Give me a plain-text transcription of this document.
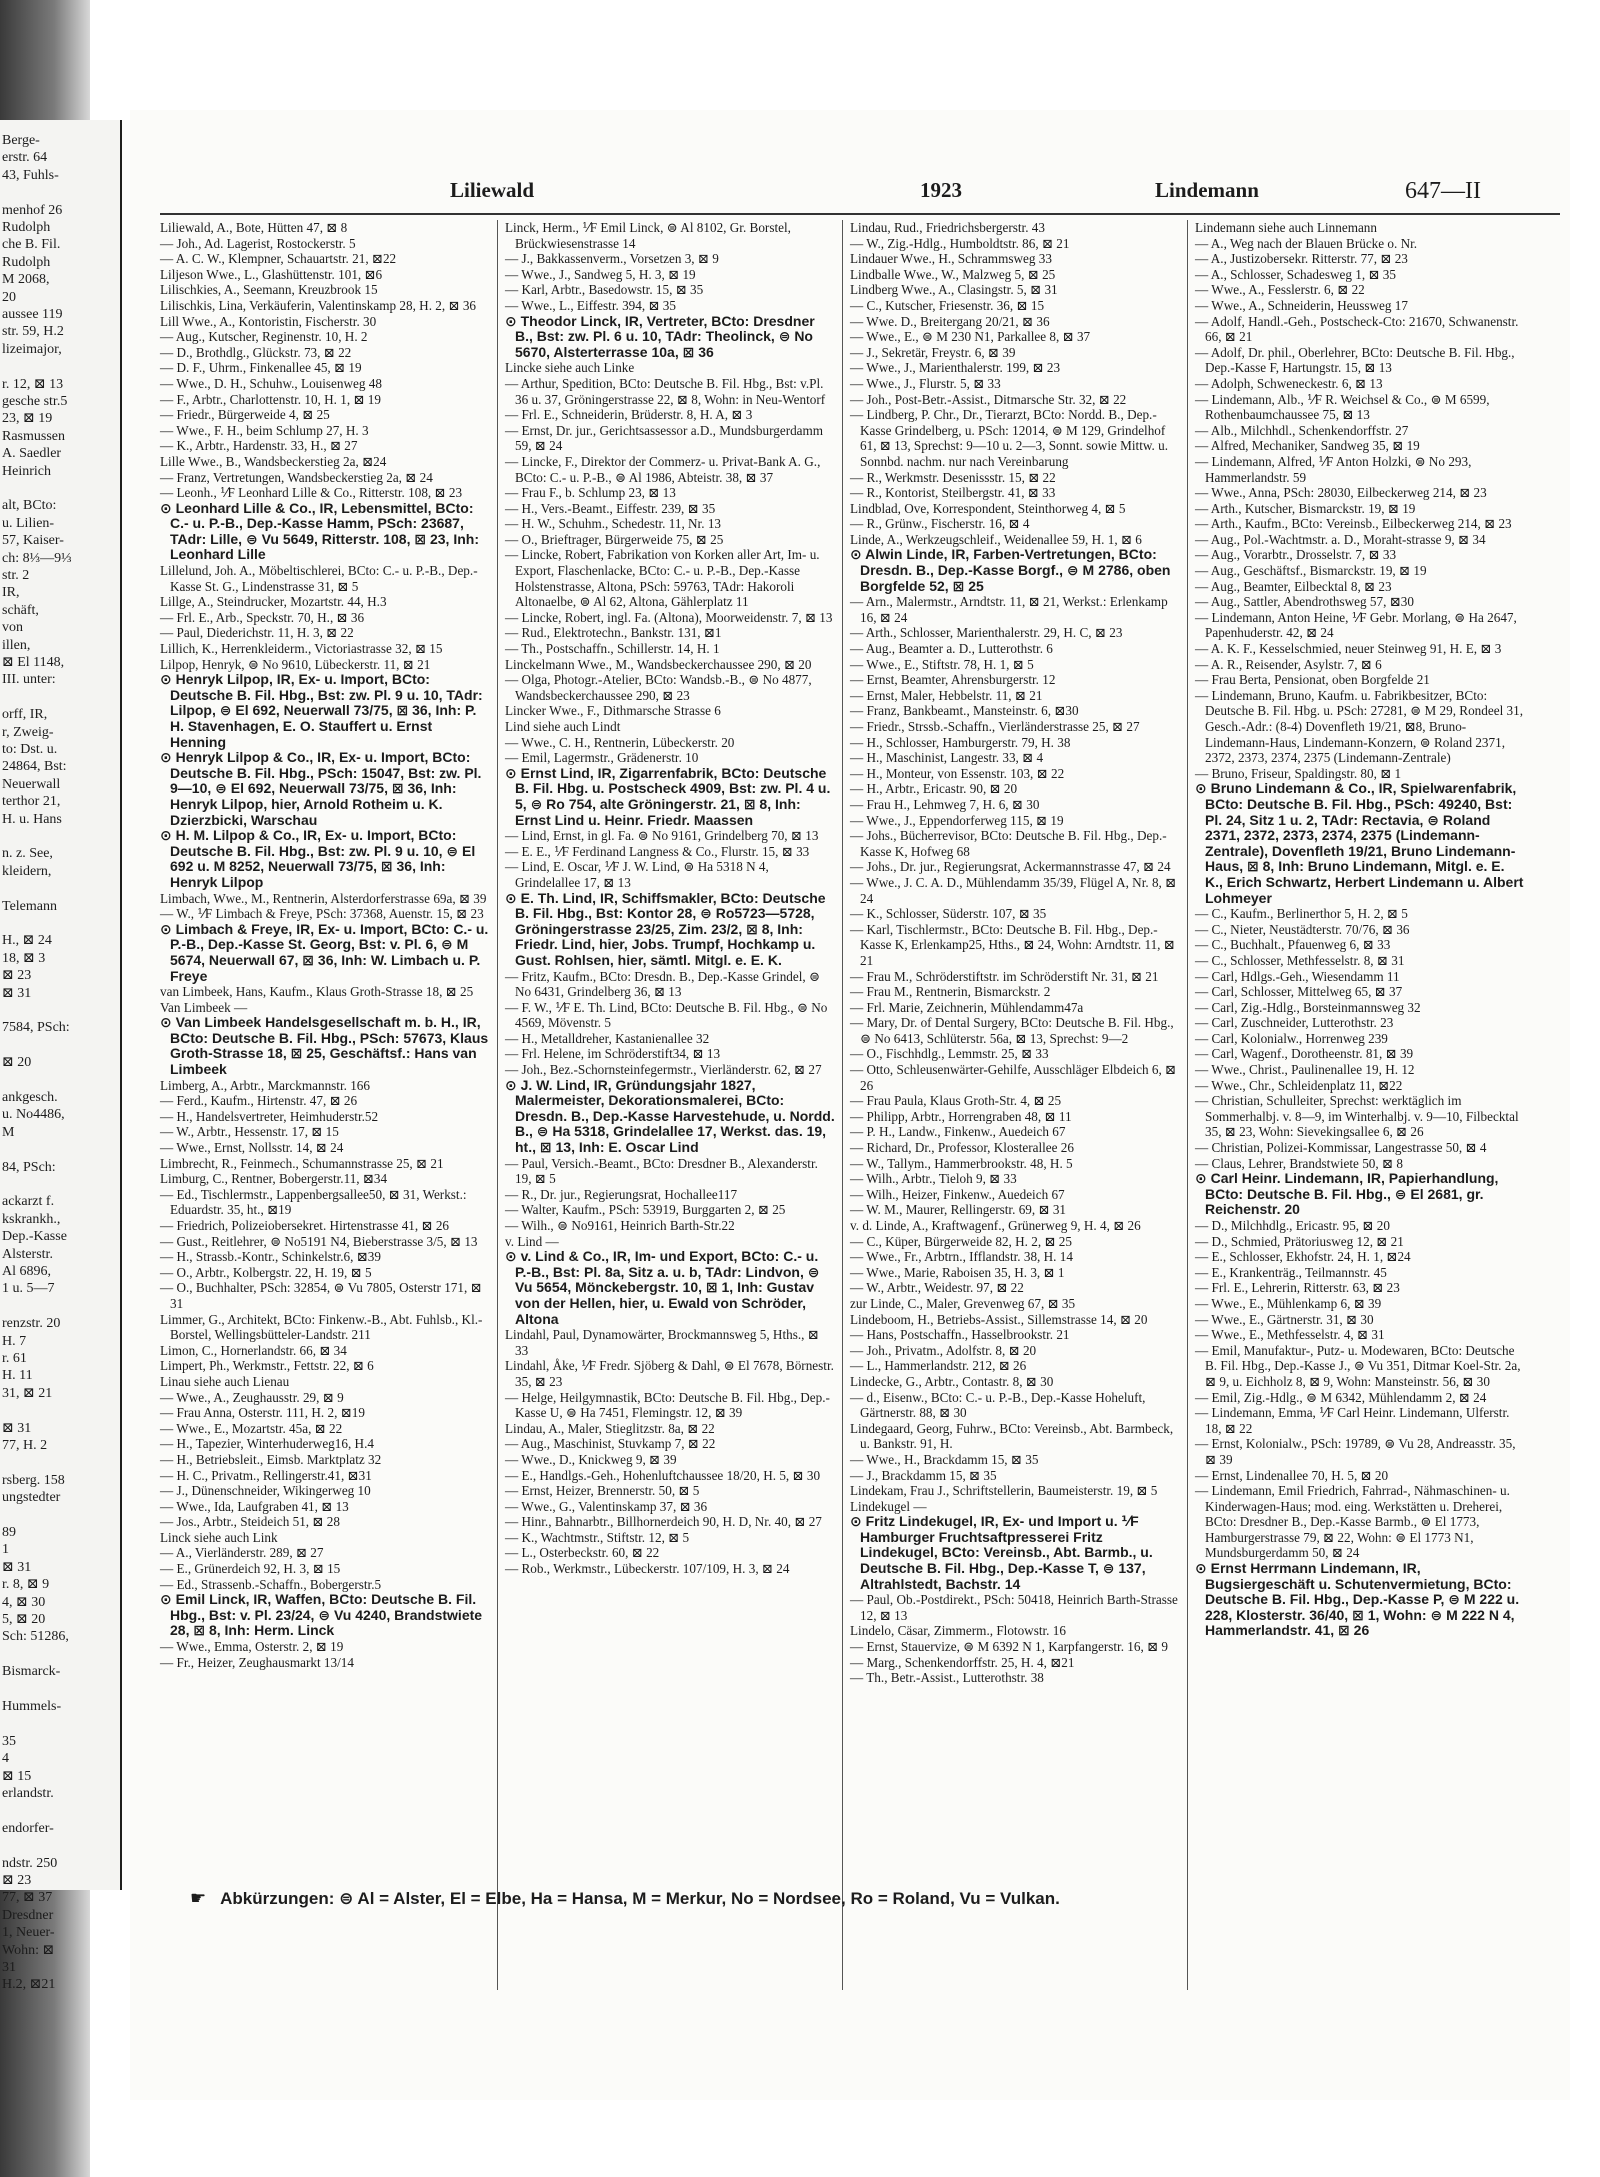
Berge-
erstr. 64
43, Fuhls-
menhof 26
Rudolph
che B. Fil.
Rudolph
M 2068,
20
aussee 119
str. 59, H.2
lizeimajor,
r. 12, ⊠ 13
gesche str.5
23, ⊠ 19
Rasmussen
A. Saedler
Heinrich
alt, BCto:
u. Lilien-
57, Kaiser-
ch: 8⅓—9⅓
str. 2
IR,
schäft,
von
illen,
⊠ El 1148,
III. unter:
orff, IR,
r, Zweig-
to: Dst. u.
24864, Bst:
Neuerwall
terthor 21,
H. u. Hans
n. z. See,
kleidern,
Telemann
H., ⊠ 24
18, ⊠ 3
⊠ 23
⊠ 31
7584, PSch:
⊠ 20
ankgesch.
u. No4486,
M
84, PSch:
ackarzt f.
kskrankh.,
Dep.-Kasse
Alsterstr.
Al 6896,
1 u. 5—7
renzstr. 20
H. 7
r. 61
H. 11
31, ⊠ 21
⊠ 31
77, H. 2
rsberg. 158
ungstedter
89
1
⊠ 31
r. 8, ⊠ 9
4, ⊠ 30
5, ⊠ 20
Sch: 51286,
Bismarck-
Hummels-
35
4
⊠ 15
erlandstr.
endorfer-
ndstr. 250
⊠ 23
77, ⊠ 37
Dresdner
1, Neuer-
Wohn: ⊠
31
H.2, ⊠21
Liliewald	1923	Lindemann	647—II

Liliewald, A., Bote, Hütten 47, ⊠ 8

— Joh., Ad. Lagerist, Rostockerstr. 5

— A. C. W., Klempner, Schauartstr. 21, ⊠22

Liljeson Wwe., L., Glashüttenstr. 101, ⊠6

Lilischkies, A., Seemann, Kreuzbrook 15

Lilischkis, Lina, Verkäuferin, Valentinskamp 28, H. 2, ⊠ 36

Lill Wwe., A., Kontoristin, Fischerstr. 30

— Aug., Kutscher, Reginenstr. 10, H. 2

— D., Brothdlg., Glückstr. 73, ⊠ 22

— D. F., Uhrm., Finkenallee 45, ⊠ 19

— Wwe., D. H., Schuhw., Louisenweg 48

— F., Arbtr., Charlottenstr. 10, H. 1, ⊠ 19

— Friedr., Bürgerweide 4, ⊠ 25

— Wwe., F. H., beim Schlump 27, H. 3

— K., Arbtr., Hardenstr. 33, H., ⊠ 27

Lille Wwe., B., Wandsbeckerstieg 2a, ⊠24

— Franz, Vertretungen, Wandsbeckerstieg 2a, ⊠ 24

— Leonh., ⅟F Leonhard Lille & Co., Ritterstr. 108, ⊠ 23

⊙ Leonhard Lille & Co., IR, Lebensmittel, BCto: C.- u. P.-B., Dep.-Kasse Hamm, PSch: 23687, TAdr: Lille, ⊜ Vu 5649, Ritterstr. 108, ⊠ 23, Inh: Leonhard Lille

Lillelund, Joh. A., Möbeltischlerei, BCto: C.- u. P.-B., Dep.-Kasse St. G., Lindenstrasse 31, ⊠ 5

Lillge, A., Steindrucker, Mozartstr. 44, H.3

— Frl. E., Arb., Speckstr. 70, H., ⊠ 36

— Paul, Diederichstr. 11, H. 3, ⊠ 22

Lillich, K., Herrenkleiderm., Victoriastrasse 32, ⊠ 15

Lilpop, Henryk, ⊜ No 9610, Lübeckerstr. 11, ⊠ 21

⊙ Henryk Lilpop, IR, Ex- u. Import, BCto: Deutsche B. Fil. Hbg., Bst: zw. Pl. 9 u. 10, TAdr: Lilpop, ⊜ El 692, Neuerwall 73/75, ⊠ 36, Inh: P. H. Stavenhagen, E. O. Stauffert u. Ernst Henning

⊙ Henryk Lilpop & Co., IR, Ex- u. Import, BCto: Deutsche B. Fil. Hbg., PSch: 15047, Bst: zw. Pl. 9—10, ⊜ El 692, Neuerwall 73/75, ⊠ 36, Inh: Henryk Lilpop, hier, Arnold Rotheim u. K. Dzierzbicki, Warschau

⊙ H. M. Lilpop & Co., IR, Ex- u. Import, BCto: Deutsche B. Fil. Hbg., Bst: zw. Pl. 9 u. 10, ⊜ El 692 u. M 8252, Neuerwall 73/75, ⊠ 36, Inh: Henryk Lilpop

Limbach, Wwe., M., Rentnerin, Alsterdorferstrasse 69a, ⊠ 39

— W., ⅟F Limbach & Freye, PSch: 37368, Auenstr. 15, ⊠ 23

⊙ Limbach & Freye, IR, Ex- u. Import, BCto: C.- u. P.-B., Dep.-Kasse St. Georg, Bst: v. Pl. 6, ⊜ M 5674, Neuerwall 67, ⊠ 36, Inh: W. Limbach u. P. Freye

van Limbeek, Hans, Kaufm., Klaus Groth-Strasse 18, ⊠ 25

Van Limbeek —

⊙ Van Limbeek Handelsgesellschaft m. b. H., IR, BCto: Deutsche B. Fil. Hbg., PSch: 57673, Klaus Groth-Strasse 18, ⊠ 25, Geschäftsf.: Hans van Limbeek

Limberg, A., Arbtr., Marckmannstr. 166

— Ferd., Kaufm., Hirtenstr. 47, ⊠ 26

— H., Handelsvertreter, Heimhuderstr.52

— W., Arbtr., Hessenstr. 17, ⊠ 15

— Wwe., Ernst, Nollsstr. 14, ⊠ 24

Limbrecht, R., Feinmech., Schumannstrasse 25, ⊠ 21

Limburg, C., Rentner, Bobergerstr.11, ⊠34

— Ed., Tischlermstr., Lappenbergsallee50, ⊠ 31, Werkst.: Eduardstr. 35, ht., ⊠19

— Friedrich, Polizeiobersekret. Hirtenstrasse 41, ⊠ 26

— Gust., Reitlehrer, ⊜ No5191 N4, Bieberstrasse 3/5, ⊠ 13

— H., Strassb.-Kontr., Schinkelstr.6, ⊠39

— O., Arbtr., Kolbergstr. 22, H. 19, ⊠ 5

— O., Buchhalter, PSch: 32854, ⊜ Vu 7805, Osterstr 171, ⊠ 31

Limmer, G., Architekt, BCto: Finkenw.-B., Abt. Fuhlsb., Kl.-Borstel, Wellingsbütteler-Landstr. 211

Limon, C., Hornerlandstr. 66, ⊠ 34

Limpert, Ph., Werkmstr., Fettstr. 22, ⊠ 6

Linau siehe auch Lienau

— Wwe., A., Zeughausstr. 29, ⊠ 9

— Frau Anna, Osterstr. 111, H. 2, ⊠19

— Wwe., E., Mozartstr. 45a, ⊠ 22

— H., Tapezier, Winterhuderweg16, H.4

— H., Betriebsleit., Eimsb. Marktplatz 32

— H. C., Privatm., Rellingerstr.41, ⊠31

— J., Dünenschneider, Wikingerweg 10

— Wwe., Ida, Laufgraben 41, ⊠ 13

— Jos., Arbtr., Steideich 51, ⊠ 28

Linck siehe auch Link

— A., Vierländerstr. 289, ⊠ 27

— E., Grünerdeich 92, H. 3, ⊠ 15

— Ed., Strassenb.-Schaffn., Bobergerstr.5

⊙ Emil Linck, IR, Waffen, BCto: Deutsche B. Fil. Hbg., Bst: v. Pl. 23/24, ⊜ Vu 4240, Brandstwiete 28, ⊠ 8, Inh: Herm. Linck

— Wwe., Emma, Osterstr. 2, ⊠ 19

— Fr., Heizer, Zeughausmarkt 13/14

Linck, Herm., ⅟F Emil Linck, ⊜ Al 8102, Gr. Borstel, Brückwiesenstrasse 14

— J., Bakkassenverm., Vorsetzen 3, ⊠ 9

— Wwe., J., Sandweg 5, H. 3, ⊠ 19

— Karl, Arbtr., Basedowstr. 15, ⊠ 35

— Wwe., L., Eiffestr. 394, ⊠ 35

⊙ Theodor Linck, IR, Vertreter, BCto: Dresdner B., Bst: zw. Pl. 6 u. 10, TAdr: Theolinck, ⊜ No 5670, Alsterterrasse 10a, ⊠ 36

Lincke siehe auch Linke

— Arthur, Spedition, BCto: Deutsche B. Fil. Hbg., Bst: v.Pl. 36 u. 37, Gröningerstrasse 22, ⊠ 8, Wohn: in Neu-Wentorf

— Frl. E., Schneiderin, Brüderstr. 8, H. A, ⊠ 3

— Ernst, Dr. jur., Gerichtsassessor a.D., Mundsburgerdamm 59, ⊠ 24

— Lincke, F., Direktor der Commerz- u. Privat-Bank A. G., BCto: C.- u. P.-B., ⊜ Al 1986, Abteistr. 38, ⊠ 37

— Frau F., b. Schlump 23, ⊠ 13

— H., Vers.-Beamt., Eiffestr. 239, ⊠ 35

— H. W., Schuhm., Schedestr. 11, Nr. 13

— O., Brieftrager, Bürgerweide 75, ⊠ 25

— Lincke, Robert, Fabrikation von Korken aller Art, Im- u. Export, Flaschenlacke, BCto: C.- u. P.-B., Dep.-Kasse Holstenstrasse, Altona, PSch: 59763, TAdr: Hakoroli Altonaelbe, ⊜ Al 62, Altona, Gählerplatz 11

— Lincke, Robert, ingl. Fa. (Altona), Moorweidenstr. 7, ⊠ 13

— Rud., Elektrotechn., Bankstr. 131, ⊠1

— Th., Postschaffn., Schillerstr. 14, H. 1

Linckelmann Wwe., M., Wandsbeckerchaussee 290, ⊠ 20

— Olga, Photogr.-Atelier, BCto: Wandsb.-B., ⊜ No 4877, Wandsbeckerchaussee 290, ⊠ 23

Lincker Wwe., F., Dithmarsche Strasse 6

Lind siehe auch Lindt

— Wwe., C. H., Rentnerin, Lübeckerstr. 20

— Emil, Lagermstr., Grädenerstr. 10

⊙ Ernst Lind, IR, Zigarrenfabrik, BCto: Deutsche B. Fil. Hbg. u. Postscheck 4909, Bst: zw. Pl. 4 u. 5, ⊜ Ro 754, alte Gröningerstr. 21, ⊠ 8, Inh: Ernst Lind u. Heinr. Friedr. Maassen

— Lind, Ernst, in gl. Fa. ⊜ No 9161, Grindelberg 70, ⊠ 13

— E. E., ⅟F Ferdinand Langness & Co., Flurstr. 15, ⊠ 33

— Lind, E. Oscar, ⅟F J. W. Lind, ⊜ Ha 5318 N 4, Grindelallee 17, ⊠ 13

⊙ E. Th. Lind, IR, Schiffsmakler, BCto: Deutsche B. Fil. Hbg., Bst: Kontor 28, ⊜ Ro5723—5728, Gröningerstrasse 23/25, Zim. 23/2, ⊠ 8, Inh: Friedr. Lind, hier, Jobs. Trumpf, Hochkamp u. Gust. Rohlsen, hier, sämtl. Mitgl. e. E. K.

— Fritz, Kaufm., BCto: Dresdn. B., Dep.-Kasse Grindel, ⊜ No 6431, Grindelberg 36, ⊠ 13

— F. W., ⅟F E. Th. Lind, BCto: Deutsche B. Fil. Hbg., ⊜ No 4569, Mövenstr. 5

— H., Metalldreher, Kastanienallee 32

— Frl. Helene, im Schröderstift34, ⊠ 13

— Joh., Bez.-Schornsteinfegermstr., Vierländerstr. 62, ⊠ 27

⊙ J. W. Lind, IR, Gründungsjahr 1827, Malermeister, Dekorationsmalerei, BCto: Dresdn. B., Dep.-Kasse Harvestehude, u. Nordd. B., ⊜ Ha 5318, Grindelallee 17, Werkst. das. 19, ht., ⊠ 13, Inh: E. Oscar Lind

— Paul, Versich.-Beamt., BCto: Dresdner B., Alexanderstr. 19, ⊠ 5

— R., Dr. jur., Regierungsrat, Hochallee117

— Walter, Kaufm., PSch: 53919, Burggarten 2, ⊠ 25

— Wilh., ⊜ No9161, Heinrich Barth-Str.22

v. Lind —

⊙ v. Lind & Co., IR, Im- und Export, BCto: C.- u. P.-B., Bst: Pl. 8a, Sitz a. u. b, TAdr: Lindvon, ⊜ Vu 5654, Mönckebergstr. 10, ⊠ 1, Inh: Gustav von der Hellen, hier, u. Ewald von Schröder, Altona

Lindahl, Paul, Dynamowärter, Brockmannsweg 5, Hths., ⊠ 33

Lindahl, Åke, ⅟F Fredr. Sjöberg & Dahl, ⊜ El 7678, Börnestr. 35, ⊠ 23

— Helge, Heilgymnastik, BCto: Deutsche B. Fil. Hbg., Dep.-Kasse U, ⊜ Ha 7451, Flemingstr. 12, ⊠ 39

Lindau, A., Maler, Stieglitzstr. 8a, ⊠ 22

— Aug., Maschinist, Stuvkamp 7, ⊠ 22

— Wwe., D., Knickweg 9, ⊠ 39

— E., Handlgs.-Geh., Hohenluftchaussee 18/20, H. 5, ⊠ 30

— Ernst, Heizer, Brennerstr. 50, ⊠ 5

— Wwe., G., Valentinskamp 37, ⊠ 36

— Hinr., Bahnarbtr., Billhornerdeich 90, H. D, Nr. 40, ⊠ 27

— K., Wachtmstr., Stiftstr. 12, ⊠ 5

— L., Osterbeckstr. 60, ⊠ 22

— Rob., Werkmstr., Lübeckerstr. 107/109, H. 3, ⊠ 24

Lindau, Rud., Friedrichsbergerstr. 43

— W., Zig.-Hdlg., Humboldtstr. 86, ⊠ 21

Lindauer Wwe., H., Schrammsweg 33

Lindballe Wwe., W., Malzweg 5, ⊠ 25

Lindberg Wwe., A., Clasingstr. 5, ⊠ 31

— C., Kutscher, Friesenstr. 36, ⊠ 15

— Wwe. D., Breitergang 20/21, ⊠ 36

— Wwe., E., ⊜ M 230 N1, Parkallee 8, ⊠ 37

— J., Sekretär, Freystr. 6, ⊠ 39

— Wwe., J., Marienthalerstr. 199, ⊠ 23

— Wwe., J., Flurstr. 5, ⊠ 33

— Joh., Post-Betr.-Assist., Ditmarsche Str. 32, ⊠ 22

— Lindberg, P. Chr., Dr., Tierarzt, BCto: Nordd. B., Dep.-Kasse Grindelberg, u. PSch: 12014, ⊜ M 129, Grindelhof 61, ⊠ 13, Sprechst: 9—10 u. 2—3, Sonnt. sowie Mittw. u. Sonnbd. nachm. nur nach Vereinbarung

— R., Werkmstr. Desenissstr. 15, ⊠ 22

— R., Kontorist, Steilbergstr. 41, ⊠ 33

Lindblad, Ove, Korrespondent, Steinthorweg 4, ⊠ 5

— R., Grünw., Fischerstr. 16, ⊠ 4

Linde, A., Werkzeugschleif., Weidenallee 59, H. 1, ⊠ 6

⊙ Alwin Linde, IR, Farben-Vertretungen, BCto: Dresdn. B., Dep.-Kasse Borgf., ⊜ M 2786, oben Borgfelde 52, ⊠ 25

— Arn., Malermstr., Arndtstr. 11, ⊠ 21, Werkst.: Erlenkamp 16, ⊠ 24

— Arth., Schlosser, Marienthalerstr. 29, H. C, ⊠ 23

— Aug., Beamter a. D., Lutterothstr. 6

— Wwe., E., Stiftstr. 78, H. 1, ⊠ 5

— Ernst, Beamter, Ahrensburgerstr. 12

— Ernst, Maler, Hebbelstr. 11, ⊠ 21

— Franz, Bankbeamt., Mansteinstr. 6, ⊠30

— Friedr., Strssb.-Schaffn., Vierländerstrasse 25, ⊠ 27

— H., Schlosser, Hamburgerstr. 79, H. 38

— H., Maschinist, Langestr. 33, ⊠ 4

— H., Monteur, von Essenstr. 103, ⊠ 22

— H., Arbtr., Ericastr. 90, ⊠ 20

— Frau H., Lehmweg 7, H. 6, ⊠ 30

— Wwe., J., Eppendorferweg 115, ⊠ 19

— Johs., Bücherrevisor, BCto: Deutsche B. Fil. Hbg., Dep.-Kasse K, Hofweg 68

— Johs., Dr. jur., Regierungsrat, Ackermannstrasse 47, ⊠ 24

— Wwe., J. C. A. D., Mühlendamm 35/39, Flügel A, Nr. 8, ⊠ 24

— K., Schlosser, Süderstr. 107, ⊠ 35

— Karl, Tischlermstr., BCto: Deutsche B. Fil. Hbg., Dep.-Kasse K, Erlenkamp25, Hths., ⊠ 24, Wohn: Arndtstr. 11, ⊠ 21

— Frau M., Schröderstiftstr. im Schröderstift Nr. 31, ⊠ 21

— Frau M., Rentnerin, Bismarckstr. 2

— Frl. Marie, Zeichnerin, Mühlendamm47a

— Mary, Dr. of Dental Surgery, BCto: Deutsche B. Fil. Hbg., ⊜ No 6413, Schlüterstr. 56a, ⊠ 13, Sprechst: 9—2

— O., Fischhdlg., Lemmstr. 25, ⊠ 33

— Otto, Schleusenwärter-Gehilfe, Ausschläger Elbdeich 6, ⊠ 26

— Frau Paula, Klaus Groth-Str. 4, ⊠ 25

— Philipp, Arbtr., Horrengraben 48, ⊠ 11

— P. H., Landw., Finkenw., Auedeich 67

— Richard, Dr., Professor, Klosterallee 26

— W., Tallym., Hammerbrookstr. 48, H. 5

— Wilh., Arbtr., Tieloh 9, ⊠ 33

— Wilh., Heizer, Finkenw., Auedeich 67

— W. M., Maurer, Rellingerstr. 69, ⊠ 31

v. d. Linde, A., Kraftwagenf., Grünerweg 9, H. 4, ⊠ 26

— C., Küper, Bürgerweide 82, H. 2, ⊠ 25

— Wwe., Fr., Arbtrn., Ifflandstr. 38, H. 14

— Wwe., Marie, Raboisen 35, H. 3, ⊠ 1

— W., Arbtr., Weidestr. 97, ⊠ 22

zur Linde, C., Maler, Grevenweg 67, ⊠ 35

Lindeboom, H., Betriebs-Assist., Sillemstrasse 14, ⊠ 20

— Hans, Postschaffn., Hasselbrookstr. 21

— Joh., Privatm., Adolfstr. 8, ⊠ 20

— L., Hammerlandstr. 212, ⊠ 26

Lindecke, G., Arbtr., Contastr. 8, ⊠ 30

— d., Eisenw., BCto: C.- u. P.-B., Dep.-Kasse Hoheluft, Gärtnerstr. 88, ⊠ 30

Lindegaard, Georg, Fuhrw., BCto: Vereinsb., Abt. Barmbeck, u. Bankstr. 91, H.

— Wwe., H., Brackdamm 15, ⊠ 35

— J., Brackdamm 15, ⊠ 35

Lindekam, Frau J., Schriftstellerin, Baumeisterstr. 19, ⊠ 5

Lindekugel —

⊙ Fritz Lindekugel, IR, Ex- und Import u. ⅟F Hamburger Fruchtsaftpresserei Fritz Lindekugel, BCto: Vereinsb., Abt. Barmb., u. Deutsche B. Fil. Hbg., Dep.-Kasse T, ⊜ 137, Altrahlstedt, Bachstr. 14

— Paul, Ob.-Postdirekt., PSch: 50418, Heinrich Barth-Strasse 12, ⊠ 13

Lindelo, Cäsar, Zimmerm., Flotowstr. 16

— Ernst, Stauervize, ⊜ M 6392 N 1, Karpfangerstr. 16, ⊠ 9

— Marg., Schenkendorffstr. 25, H. 4, ⊠21

— Th., Betr.-Assist., Lutterothstr. 38

Lindemann siehe auch Linnemann

— A., Weg nach der Blauen Brücke o. Nr.

— A., Justizobersekr. Ritterstr. 77, ⊠ 23

— A., Schlosser, Schadesweg 1, ⊠ 35

— Wwe., A., Fesslerstr. 6, ⊠ 22

— Wwe., A., Schneiderin, Heussweg 17

— Adolf, Handl.-Geh., Postscheck-Cto: 21670, Schwanenstr. 66, ⊠ 21

— Adolf, Dr. phil., Oberlehrer, BCto: Deutsche B. Fil. Hbg., Dep.-Kasse F, Hartungstr. 15, ⊠ 13

— Adolph, Schweneckestr. 6, ⊠ 13

— Lindemann, Alb., ⅟F R. Weichsel & Co., ⊜ M 6599, Rothenbaumchaussee 75, ⊠ 13

— Alb., Milchhdl., Schenkendorffstr. 27

— Alfred, Mechaniker, Sandweg 35, ⊠ 19

— Lindemann, Alfred, ⅟F Anton Holzki, ⊜ No 293, Hammerlandstr. 59

— Wwe., Anna, PSch: 28030, Eilbeckerweg 214, ⊠ 23

— Arth., Kutscher, Bismarckstr. 19, ⊠ 19

— Arth., Kaufm., BCto: Vereinsb., Eilbeckerweg 214, ⊠ 23

— Aug., Pol.-Wachtmstr. a. D., Moraht-strasse 9, ⊠ 34

— Aug., Vorarbtr., Drosselstr. 7, ⊠ 33

— Aug., Geschäftsf., Bismarckstr. 19, ⊠ 19

— Aug., Beamter, Eilbecktal 8, ⊠ 23

— Aug., Sattler, Abendrothsweg 57, ⊠30

— Lindemann, Anton Heine, ⅟F Gebr. Morlang, ⊜ Ha 2647, Papenhuderstr. 42, ⊠ 24

— A. K. F., Kesselschmied, neuer Steinweg 91, H. E, ⊠ 3

— A. R., Reisender, Asylstr. 7, ⊠ 6

— Frau Berta, Pensionat, oben Borgfelde 21

— Lindemann, Bruno, Kaufm. u. Fabrikbesitzer, BCto: Deutsche B. Fil. Hbg. u. PSch: 27281, ⊜ M 29, Rondeel 31, Gesch.-Adr.: (8-4) Dovenfleth 19/21, ⊠8, Bruno-Lindemann-Haus, Lindemann-Konzern, ⊜ Roland 2371, 2372, 2373, 2374, 2375 (Lindemann-Zentrale)

— Bruno, Friseur, Spaldingstr. 80, ⊠ 1

⊙ Bruno Lindemann & Co., IR, Spielwarenfabrik, BCto: Deutsche B. Fil. Hbg., PSch: 49240, Bst: Pl. 24, Sitz 1 u. 2, TAdr: Rectavia, ⊜ Roland 2371, 2372, 2373, 2374, 2375 (Lindemann-Zentrale), Dovenfleth 19/21, Bruno Lindemann-Haus, ⊠ 8, Inh: Bruno Lindemann, Mitgl. e. E. K., Erich Schwartz, Herbert Lindemann u. Albert Lohmeyer

— C., Kaufm., Berlinerthor 5, H. 2, ⊠ 5

— C., Nieter, Neustädterstr. 70/76, ⊠ 36

— C., Buchhalt., Pfauenweg 6, ⊠ 33

— C., Schlosser, Methfesselstr. 8, ⊠ 31

— Carl, Hdlgs.-Geh., Wiesendamm 11

— Carl, Schlosser, Mittelweg 65, ⊠ 37

— Carl, Zig.-Hdlg., Borsteinmannsweg 32

— Carl, Zuschneider, Lutterothstr. 23

— Carl, Kolonialw., Horrenweg 239

— Carl, Wagenf., Dorotheenstr. 81, ⊠ 39

— Wwe., Christ., Paulinenallee 19, H. 12

— Wwe., Chr., Schleidenplatz 11, ⊠22

— Christian, Schulleiter, Sprechst: werktäglich im Sommerhalbj. v. 8—9, im Winterhalbj. v. 9—10, Filbecktal 35, ⊠ 23, Wohn: Sievekingsallee 6, ⊠ 26

— Christian, Polizei-Kommissar, Langestrasse 50, ⊠ 4

— Claus, Lehrer, Brandstwiete 50, ⊠ 8

⊙ Carl Heinr. Lindemann, IR, Papierhandlung, BCto: Deutsche B. Fil. Hbg., ⊜ El 2681, gr. Reichenstr. 20

— D., Milchhdlg., Ericastr. 95, ⊠ 20

— D., Schmied, Prätoriusweg 12, ⊠ 21

— E., Schlosser, Ekhofstr. 24, H. 1, ⊠24

— E., Krankenträg., Teilmannstr. 45

— Frl. E., Lehrerin, Ritterstr. 63, ⊠ 23

— Wwe., E., Mühlenkamp 6, ⊠ 39

— Wwe., E., Gärtnerstr. 31, ⊠ 30

— Wwe., E., Methfesselstr. 4, ⊠ 31

— Emil, Manufaktur-, Putz- u. Modewaren, BCto: Deutsche B. Fil. Hbg., Dep.-Kasse J., ⊜ Vu 351, Ditmar Koel-Str. 2a, ⊠ 9, u. Eichholz 8, ⊠ 9, Wohn: Mansteinstr. 56, ⊠ 30

— Emil, Zig.-Hdlg., ⊜ M 6342, Mühlendamm 2, ⊠ 24

— Lindemann, Emma, ⅟F Carl Heinr. Lindemann, Ulferstr. 18, ⊠ 22

— Ernst, Kolonialw., PSch: 19789, ⊜ Vu 28, Andreasstr. 35, ⊠ 39

— Ernst, Lindenallee 70, H. 5, ⊠ 20

— Lindemann, Emil Friedrich, Fahrrad-, Nähmaschinen- u. Kinderwagen-Haus; mod. eing. Werkstätten u. Dreherei, BCto: Dresdner B., Dep.-Kasse Barmb., ⊜ El 1773, Hamburgerstrasse 79, ⊠ 22, Wohn: ⊜ El 1773 N1, Mundsburgerdamm 50, ⊠ 24

⊙ Ernst Herrmann Lindemann, IR, Bugsiergeschäft u. Schutenvermietung, BCto: Deutsche B. Fil. Hbg., Dep.-Kasse P, ⊜ M 222 u. 228, Klosterstr. 36/40, ⊠ 1, Wohn: ⊜ M 222 N 4, Hammerlandstr. 41, ⊠ 26

☛ Abkürzungen: ⊜ Al = Alster, El = Elbe, Ha = Hansa, M = Merkur, No = Nordsee, Ro = Roland, Vu = Vulkan.
